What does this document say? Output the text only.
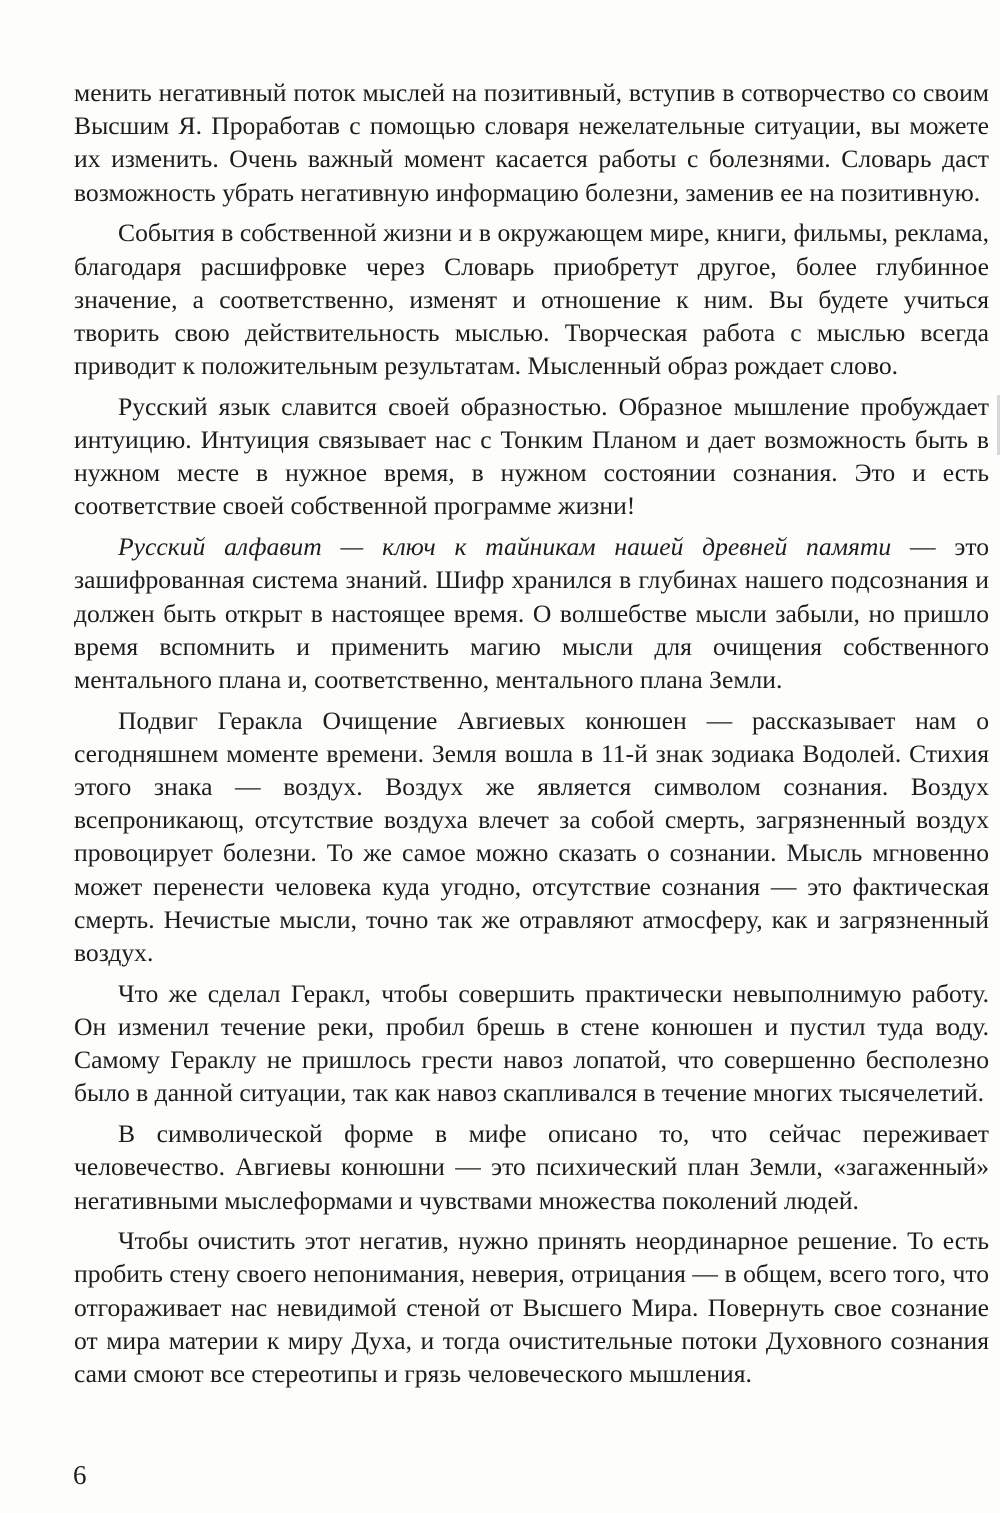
менить негативный поток мыслей на позитивный, вступив в сотворчество со своим Высшим Я. Проработав с помощью словаря нежелательные ситуации, вы можете их изменить. Очень важный момент касается работы с болезнями. Словарь даст возможность убрать негативную информацию болезни, заменив ее на позитивную.

События в собственной жизни и в окружающем мире, книги, фильмы, реклама, благодаря расшифровке через Словарь приобретут другое, более глубинное значение, а соответственно, изменят и отношение к ним. Вы будете учиться творить свою действительность мыслью. Творческая работа с мыслью всегда приводит к положительным результатам. Мысленный образ рождает слово.

Русский язык славится своей образностью. Образное мышление пробуждает интуицию. Интуиция связывает нас с Тонким Планом и дает возможность быть в нужном месте в нужное время, в нужном состоянии сознания. Это и есть соответствие своей собственной программе жизни!

Русский алфавит — ключ к тайникам нашей древней памяти — это зашифрованная система знаний. Шифр хранился в глубинах нашего подсознания и должен быть открыт в настоящее время. О волшебстве мысли забыли, но пришло время вспомнить и применить магию мысли для очищения собственного ментального плана и, соответственно, ментального плана Земли.

Подвиг Геракла Очищение Авгиевых конюшен — рассказывает нам о сегодняшнем моменте времени. Земля вошла в 11-й знак зодиака Водолей. Стихия этого знака — воздух. Воздух же является символом сознания. Воздух всепроникающ, отсутствие воздуха влечет за собой смерть, загрязненный воздух провоцирует болезни. То же самое можно сказать о сознании. Мысль мгновенно может перенести человека куда угодно, отсутствие сознания — это фактическая смерть. Нечистые мысли, точно так же отравляют атмосферу, как и загрязненный воздух.

Что же сделал Геракл, чтобы совершить практически невыполнимую работу. Он изменил течение реки, пробил брешь в стене конюшен и пустил туда воду. Самому Гераклу не пришлось грести навоз лопатой, что совершенно бесполезно было в данной ситуации, так как навоз скапливался в течение многих тысячелетий.

В символической форме в мифе описано то, что сейчас переживает человечество. Авгиевы конюшни — это психический план Земли, «загаженный» негативными мыслеформами и чувствами множества поколений людей.

Чтобы очистить этот негатив, нужно принять неординарное решение. То есть пробить стену своего непонимания, неверия, отрицания — в общем, всего того, что отгораживает нас невидимой стеной от Высшего Мира. Повернуть свое сознание от мира материи к миру Духа, и тогда очистительные потоки Духовного сознания сами смоют все стереотипы и грязь человеческого мышления.

6
